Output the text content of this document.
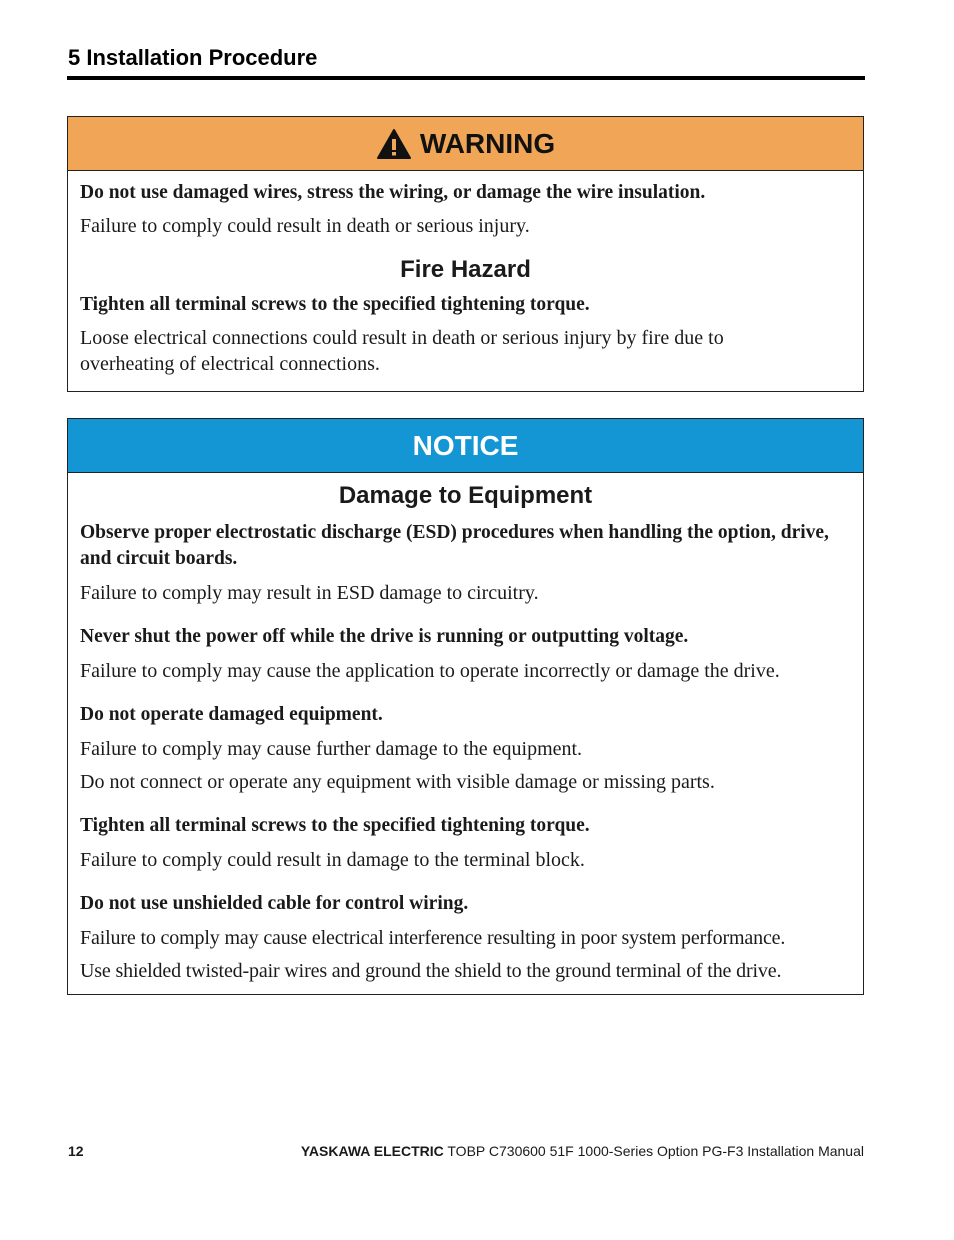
5 Installation Procedure
WARNING
Do not use damaged wires, stress the wiring, or damage the wire insulation.
Failure to comply could result in death or serious injury.
Fire Hazard
Tighten all terminal screws to the specified tightening torque.
Loose electrical connections could result in death or serious injury by fire due to overheating of electrical connections.
NOTICE
Damage to Equipment
Observe proper electrostatic discharge (ESD) procedures when handling the option, drive, and circuit boards.
Failure to comply may result in ESD damage to circuitry.
Never shut the power off while the drive is running or outputting voltage.
Failure to comply may cause the application to operate incorrectly or damage the drive.
Do not operate damaged equipment.
Failure to comply may cause further damage to the equipment.
Do not connect or operate any equipment with visible damage or missing parts.
Tighten all terminal screws to the specified tightening torque.
Failure to comply could result in damage to the terminal block.
Do not use unshielded cable for control wiring.
Failure to comply may cause electrical interference resulting in poor system performance.
Use shielded twisted-pair wires and ground the shield to the ground terminal of the drive.
12	YASKAWA ELECTRIC TOBP C730600 51F 1000-Series Option PG-F3 Installation Manual
